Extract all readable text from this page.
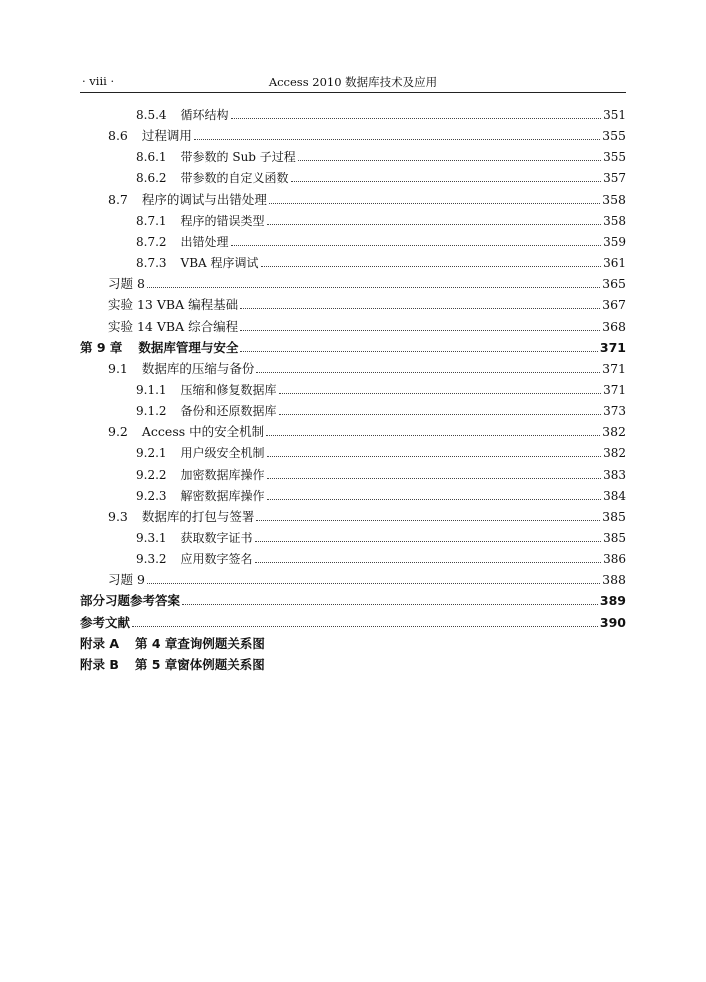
· viii ·	Access 2010 数据库技术及应用
8.5.4 循环结构	351
8.6 过程调用	355
8.6.1 带参数的 Sub 子过程	355
8.6.2 带参数的自定义函数	357
8.7 程序的调试与出错处理	358
8.7.1 程序的错误类型	358
8.7.2 出错处理	359
8.7.3 VBA 程序调试	361
习题 8	365
实验 13 VBA 编程基础	367
实验 14 VBA 综合编程	368
第 9 章 数据库管理与安全	371
9.1 数据库的压缩与备份	371
9.1.1 压缩和修复数据库	371
9.1.2 备份和还原数据库	373
9.2 Access 中的安全机制	382
9.2.1 用户级安全机制	382
9.2.2 加密数据库操作	383
9.2.3 解密数据库操作	384
9.3 数据库的打包与签署	385
9.3.1 获取数字证书	385
9.3.2 应用数字签名	386
习题 9	388
部分习题参考答案	389
参考文献	390
附录 A 第 4 章查询例题关系图
附录 B 第 5 章窗体例题关系图
